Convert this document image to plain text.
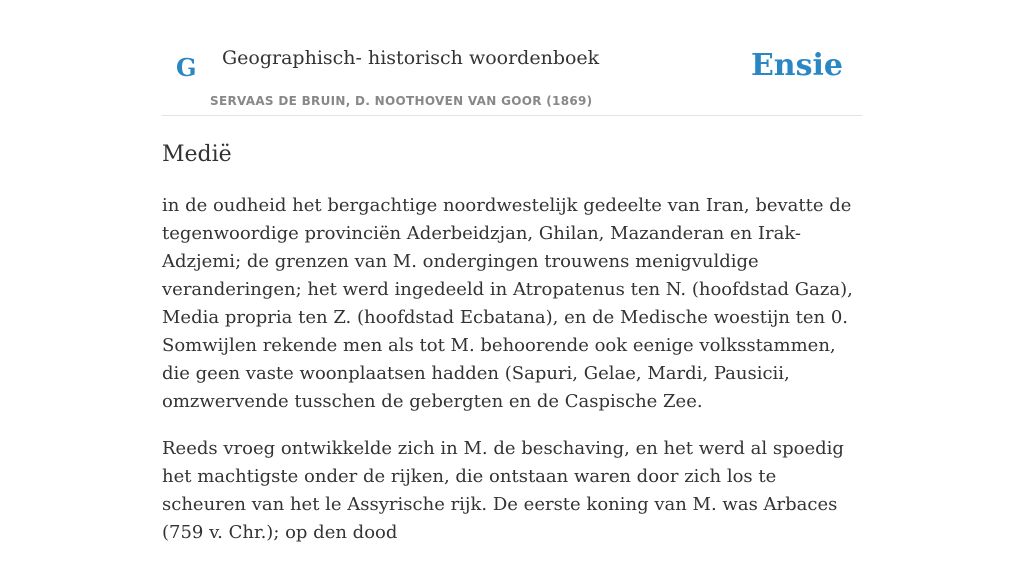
G Geographisch- historisch woordenboek
SERVAAS DE BRUIN, D. NOOTHOVEN VAN GOOR (1869)
Ensie
Medië

in de oudheid het bergachtige noordwestelijk gedeelte van Iran, bevatte de tegenwoordige provinciën Aderbeidzjan, Ghilan, Mazanderan en Irak-Adzjemi; de grenzen van M. ondergingen trouwens menigvuldige veranderingen; het werd ingedeeld in Atropatenus ten N. (hoofdstad Gaza), Media propria ten Z. (hoofdstad Ecbatana), en de Medische woestijn ten 0. Somwijlen rekende men als tot M. behoorende ook eenige volksstammen, die geen vaste woonplaatsen hadden (Sapuri, Gelae, Mardi, Pausicii, omzwervende tusschen de gebergten en de Caspische Zee.

Reeds vroeg ontwikkelde zich in M. de beschaving, en het werd al spoedig het machtigste onder de rijken, die ontstaan waren door zich los te scheuren van het le Assyrische rijk. De eerste koning van M. was Arbaces (759 v. Chr.); op den dood
